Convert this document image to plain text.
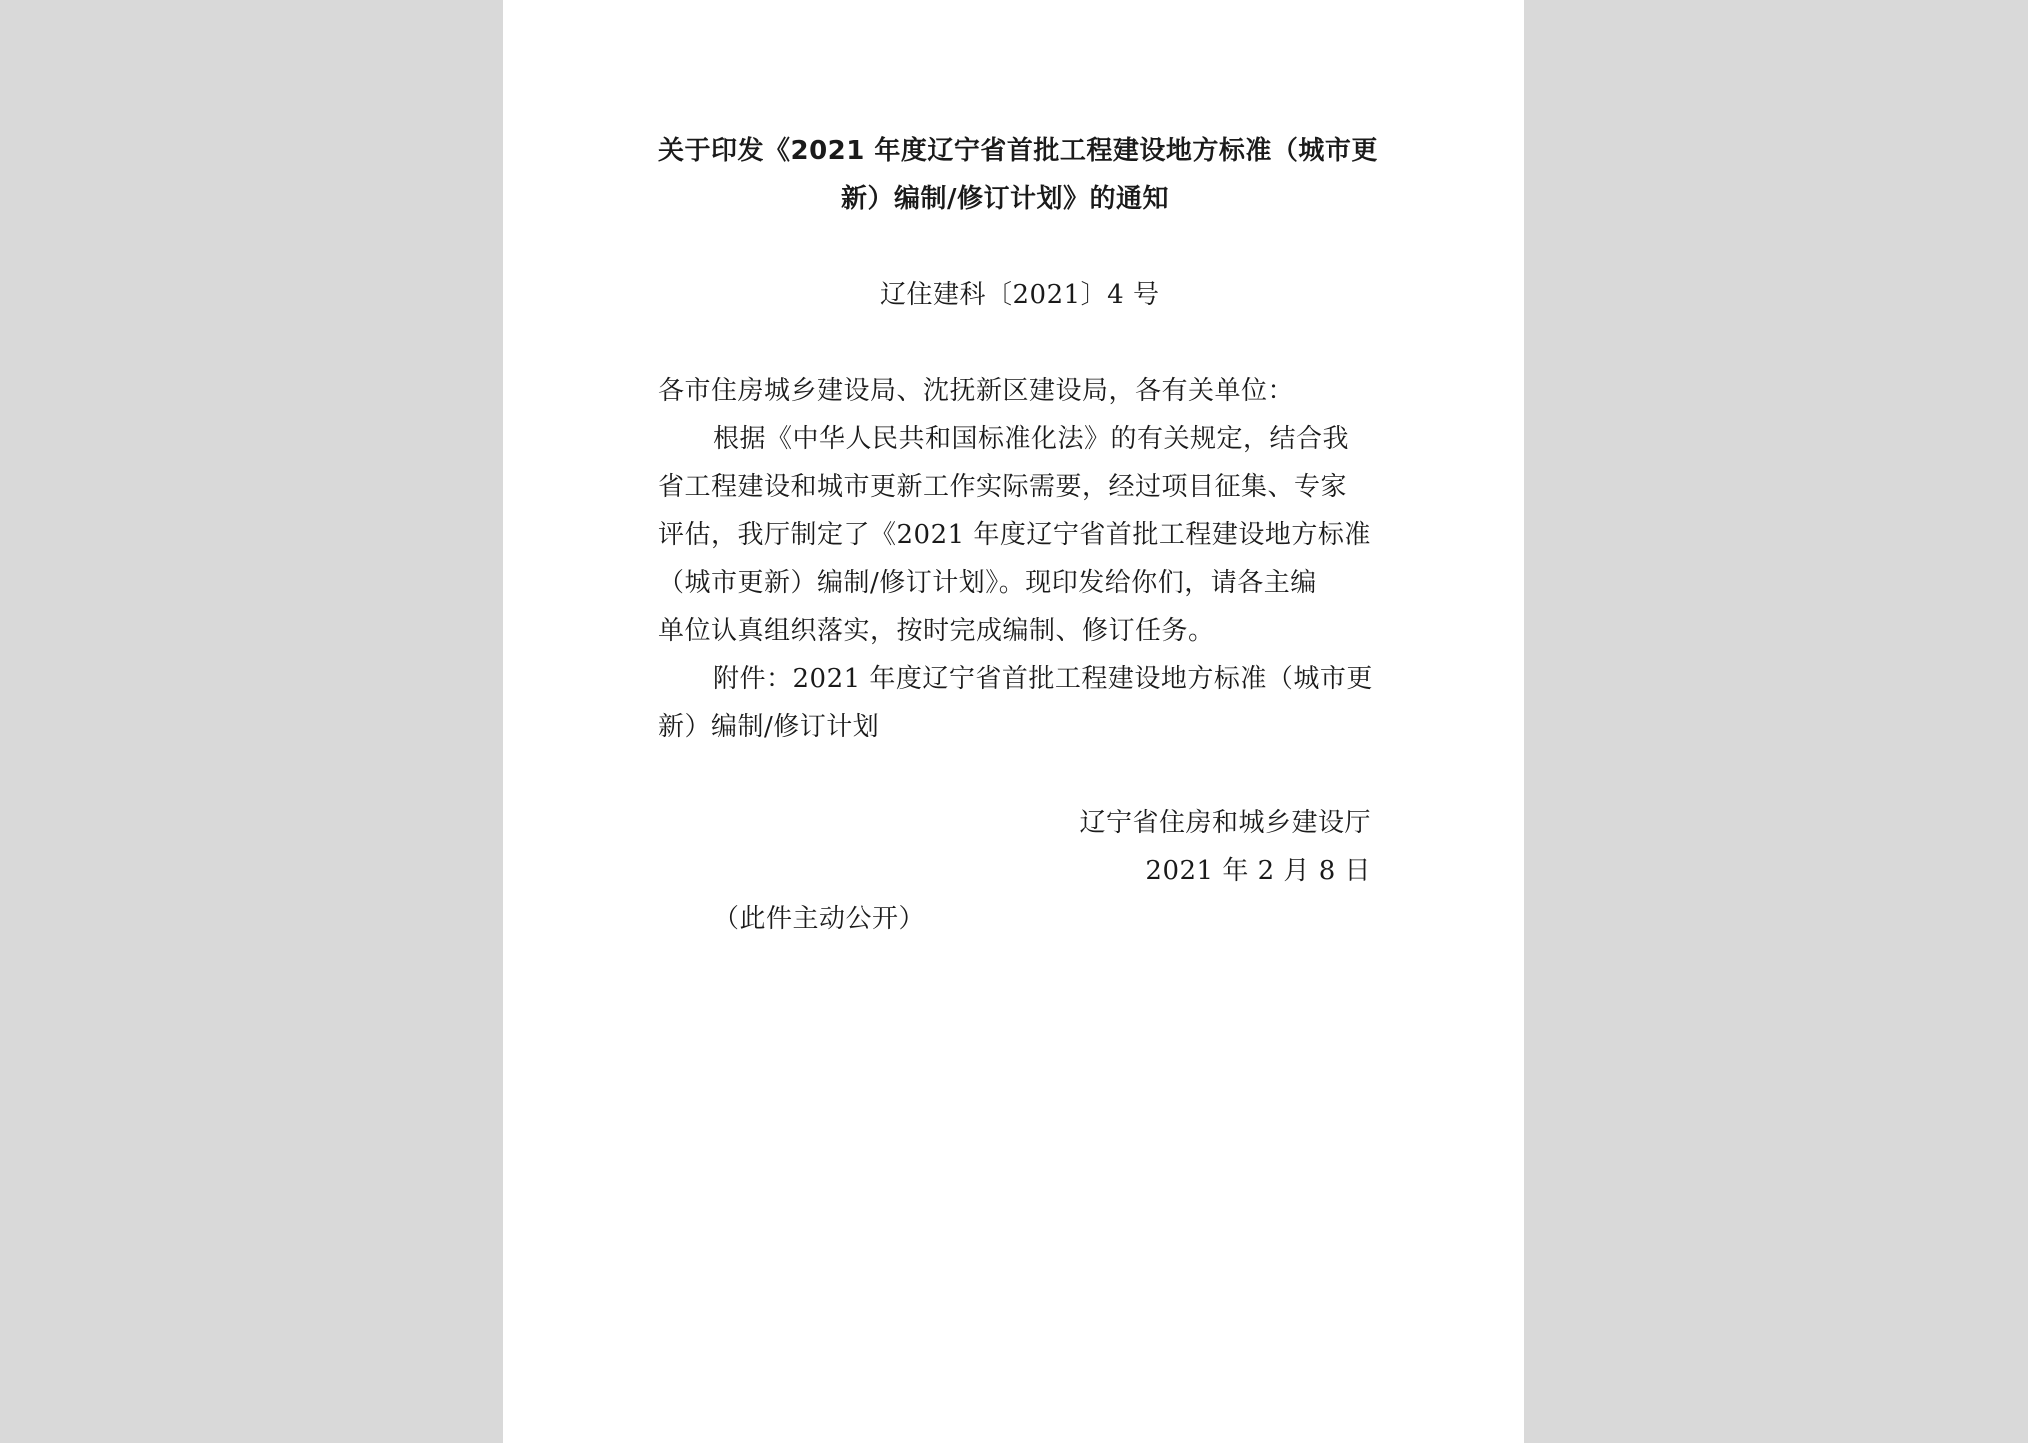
关于印发《2021 年度辽宁省首批工程建设地方标准（城市更
新）编制/修订计划》的通知
辽住建科〔2021〕4 号
各市住房城乡建设局、沈抚新区建设局，各有关单位：
根据《中华人民共和国标准化法》的有关规定，结合我
省工程建设和城市更新工作实际需要，经过项目征集、专家
评估，我厅制定了《2021 年度辽宁省首批工程建设地方标准
（城市更新）编制/修订计划》。现印发给你们，请各主编
单位认真组织落实，按时完成编制、修订任务。
附件：2021 年度辽宁省首批工程建设地方标准（城市更
新）编制/修订计划
辽宁省住房和城乡建设厅
2021 年 2 月 8 日
（此件主动公开）
